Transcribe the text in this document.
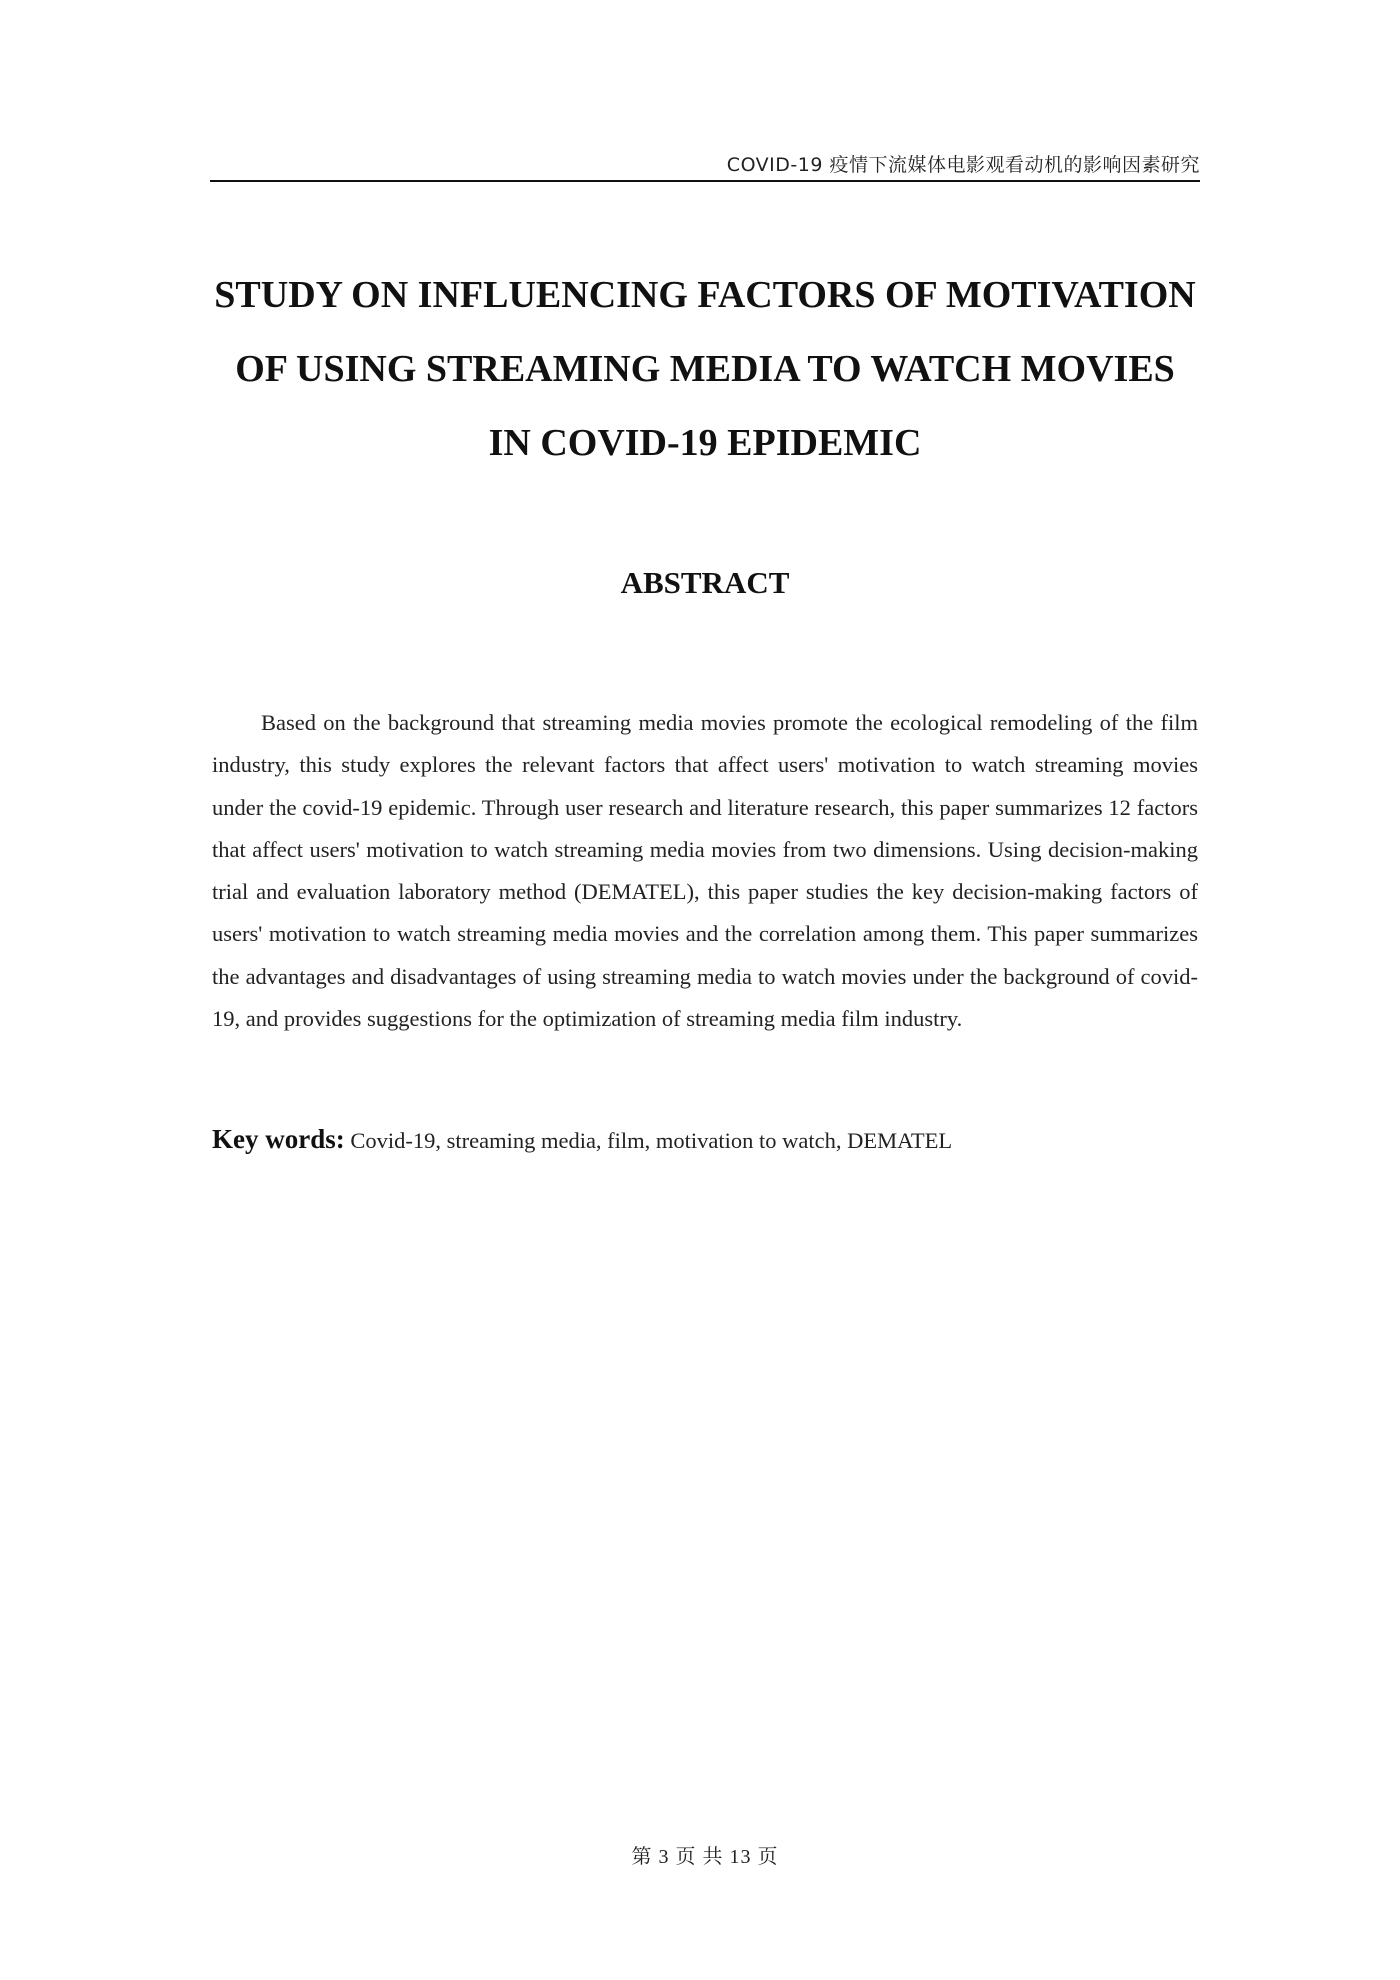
COVID-19 疫情下流媒体电影观看动机的影响因素研究
STUDY ON INFLUENCING FACTORS OF MOTIVATION
OF USING STREAMING MEDIA TO WATCH MOVIES
IN COVID-19 EPIDEMIC
ABSTRACT

Based on the background that streaming media movies promote the ecological remodeling of the film industry, this study explores the relevant factors that affect users' motivation to watch streaming movies under the covid-19 epidemic. Through user research and literature research, this paper summarizes 12 factors that affect users' motivation to watch streaming media movies from two dimensions. Using decision-making trial and evaluation laboratory method (DEMATEL), this paper studies the key decision-making factors of users' motivation to watch streaming media movies and the correlation among them. This paper summarizes the advantages and disadvantages of using streaming media to watch movies under the background of covid-19, and provides suggestions for the optimization of streaming media film industry.

Key words: Covid-19, streaming media, film, motivation to watch, DEMATEL
第 3 页 共 13 页
